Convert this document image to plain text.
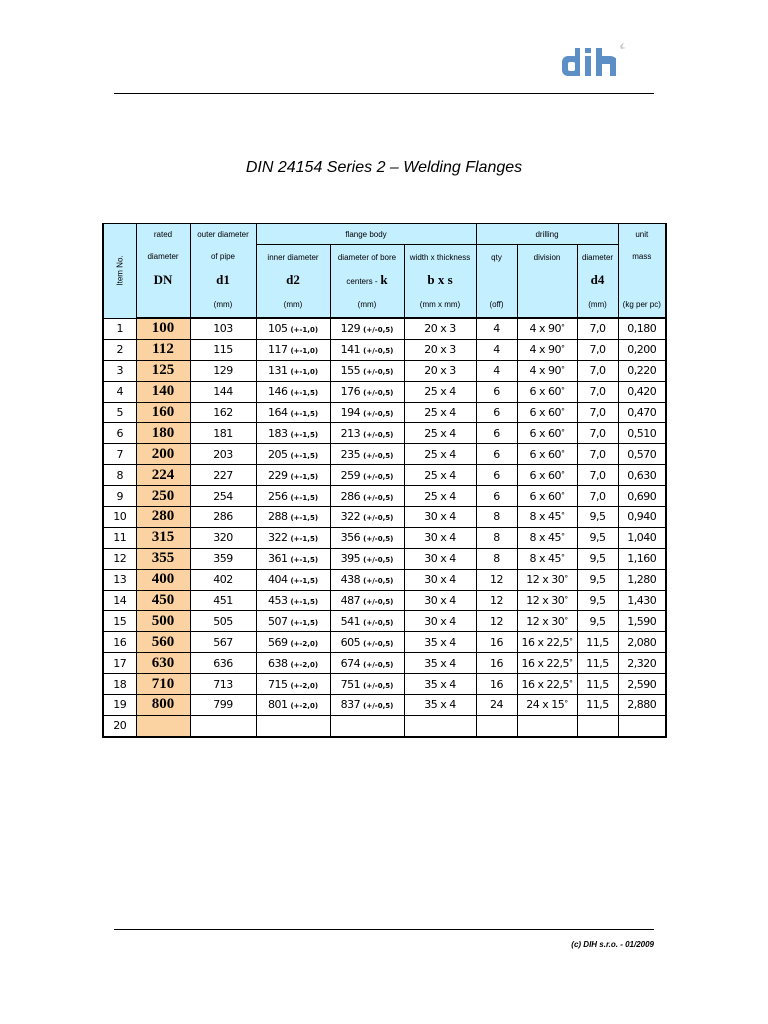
DIN 24154 Series 2 – Welding Flanges
Item No.	rated	outer diameter	flange body			drilling			unit
	diameter	of pipe	inner diameter	diameter of bore	width x thickness	qty	division	diameter	mass
	DN	d1	d2	centers - k	b x s			d4	
		(mm)	(mm)	(mm)	(mm x mm)	(off)		(mm)	(kg per pc)
1	100	103	105 (+-1,0)	129 (+/-0,5)	20 x 3	4	4 x 90°	7,0	0,180
2	112	115	117 (+-1,0)	141 (+/-0,5)	20 x 3	4	4 x 90°	7,0	0,200
3	125	129	131 (+-1,0)	155 (+/-0,5)	20 x 3	4	4 x 90°	7,0	0,220
4	140	144	146 (+-1,5)	176 (+/-0,5)	25 x 4	6	6 x 60°	7,0	0,420
5	160	162	164 (+-1,5)	194 (+/-0,5)	25 x 4	6	6 x 60°	7,0	0,470
6	180	181	183 (+-1,5)	213 (+/-0,5)	25 x 4	6	6 x 60°	7,0	0,510
7	200	203	205 (+-1,5)	235 (+/-0,5)	25 x 4	6	6 x 60°	7,0	0,570
8	224	227	229 (+-1,5)	259 (+/-0,5)	25 x 4	6	6 x 60°	7,0	0,630
9	250	254	256 (+-1,5)	286 (+/-0,5)	25 x 4	6	6 x 60°	7,0	0,690
10	280	286	288 (+-1,5)	322 (+/-0,5)	30 x 4	8	8 x 45°	9,5	0,940
11	315	320	322 (+-1,5)	356 (+/-0,5)	30 x 4	8	8 x 45°	9,5	1,040
12	355	359	361 (+-1,5)	395 (+/-0,5)	30 x 4	8	8 x 45°	9,5	1,160
13	400	402	404 (+-1,5)	438 (+/-0,5)	30 x 4	12	12 x 30°	9,5	1,280
14	450	451	453 (+-1,5)	487 (+/-0,5)	30 x 4	12	12 x 30°	9,5	1,430
15	500	505	507 (+-1,5)	541 (+/-0,5)	30 x 4	12	12 x 30°	9,5	1,590
16	560	567	569 (+-2,0)	605 (+/-0,5)	35 x 4	16	16 x 22,5°	11,5	2,080
17	630	636	638 (+-2,0)	674 (+/-0,5)	35 x 4	16	16 x 22,5°	11,5	2,320
18	710	713	715 (+-2,0)	751 (+/-0,5)	35 x 4	16	16 x 22,5°	11,5	2,590
19	800	799	801 (+-2,0)	837 (+/-0,5)	35 x 4	24	24 x 15°	11,5	2,880
20									
(c) DIH s.r.o. - 01/2009
